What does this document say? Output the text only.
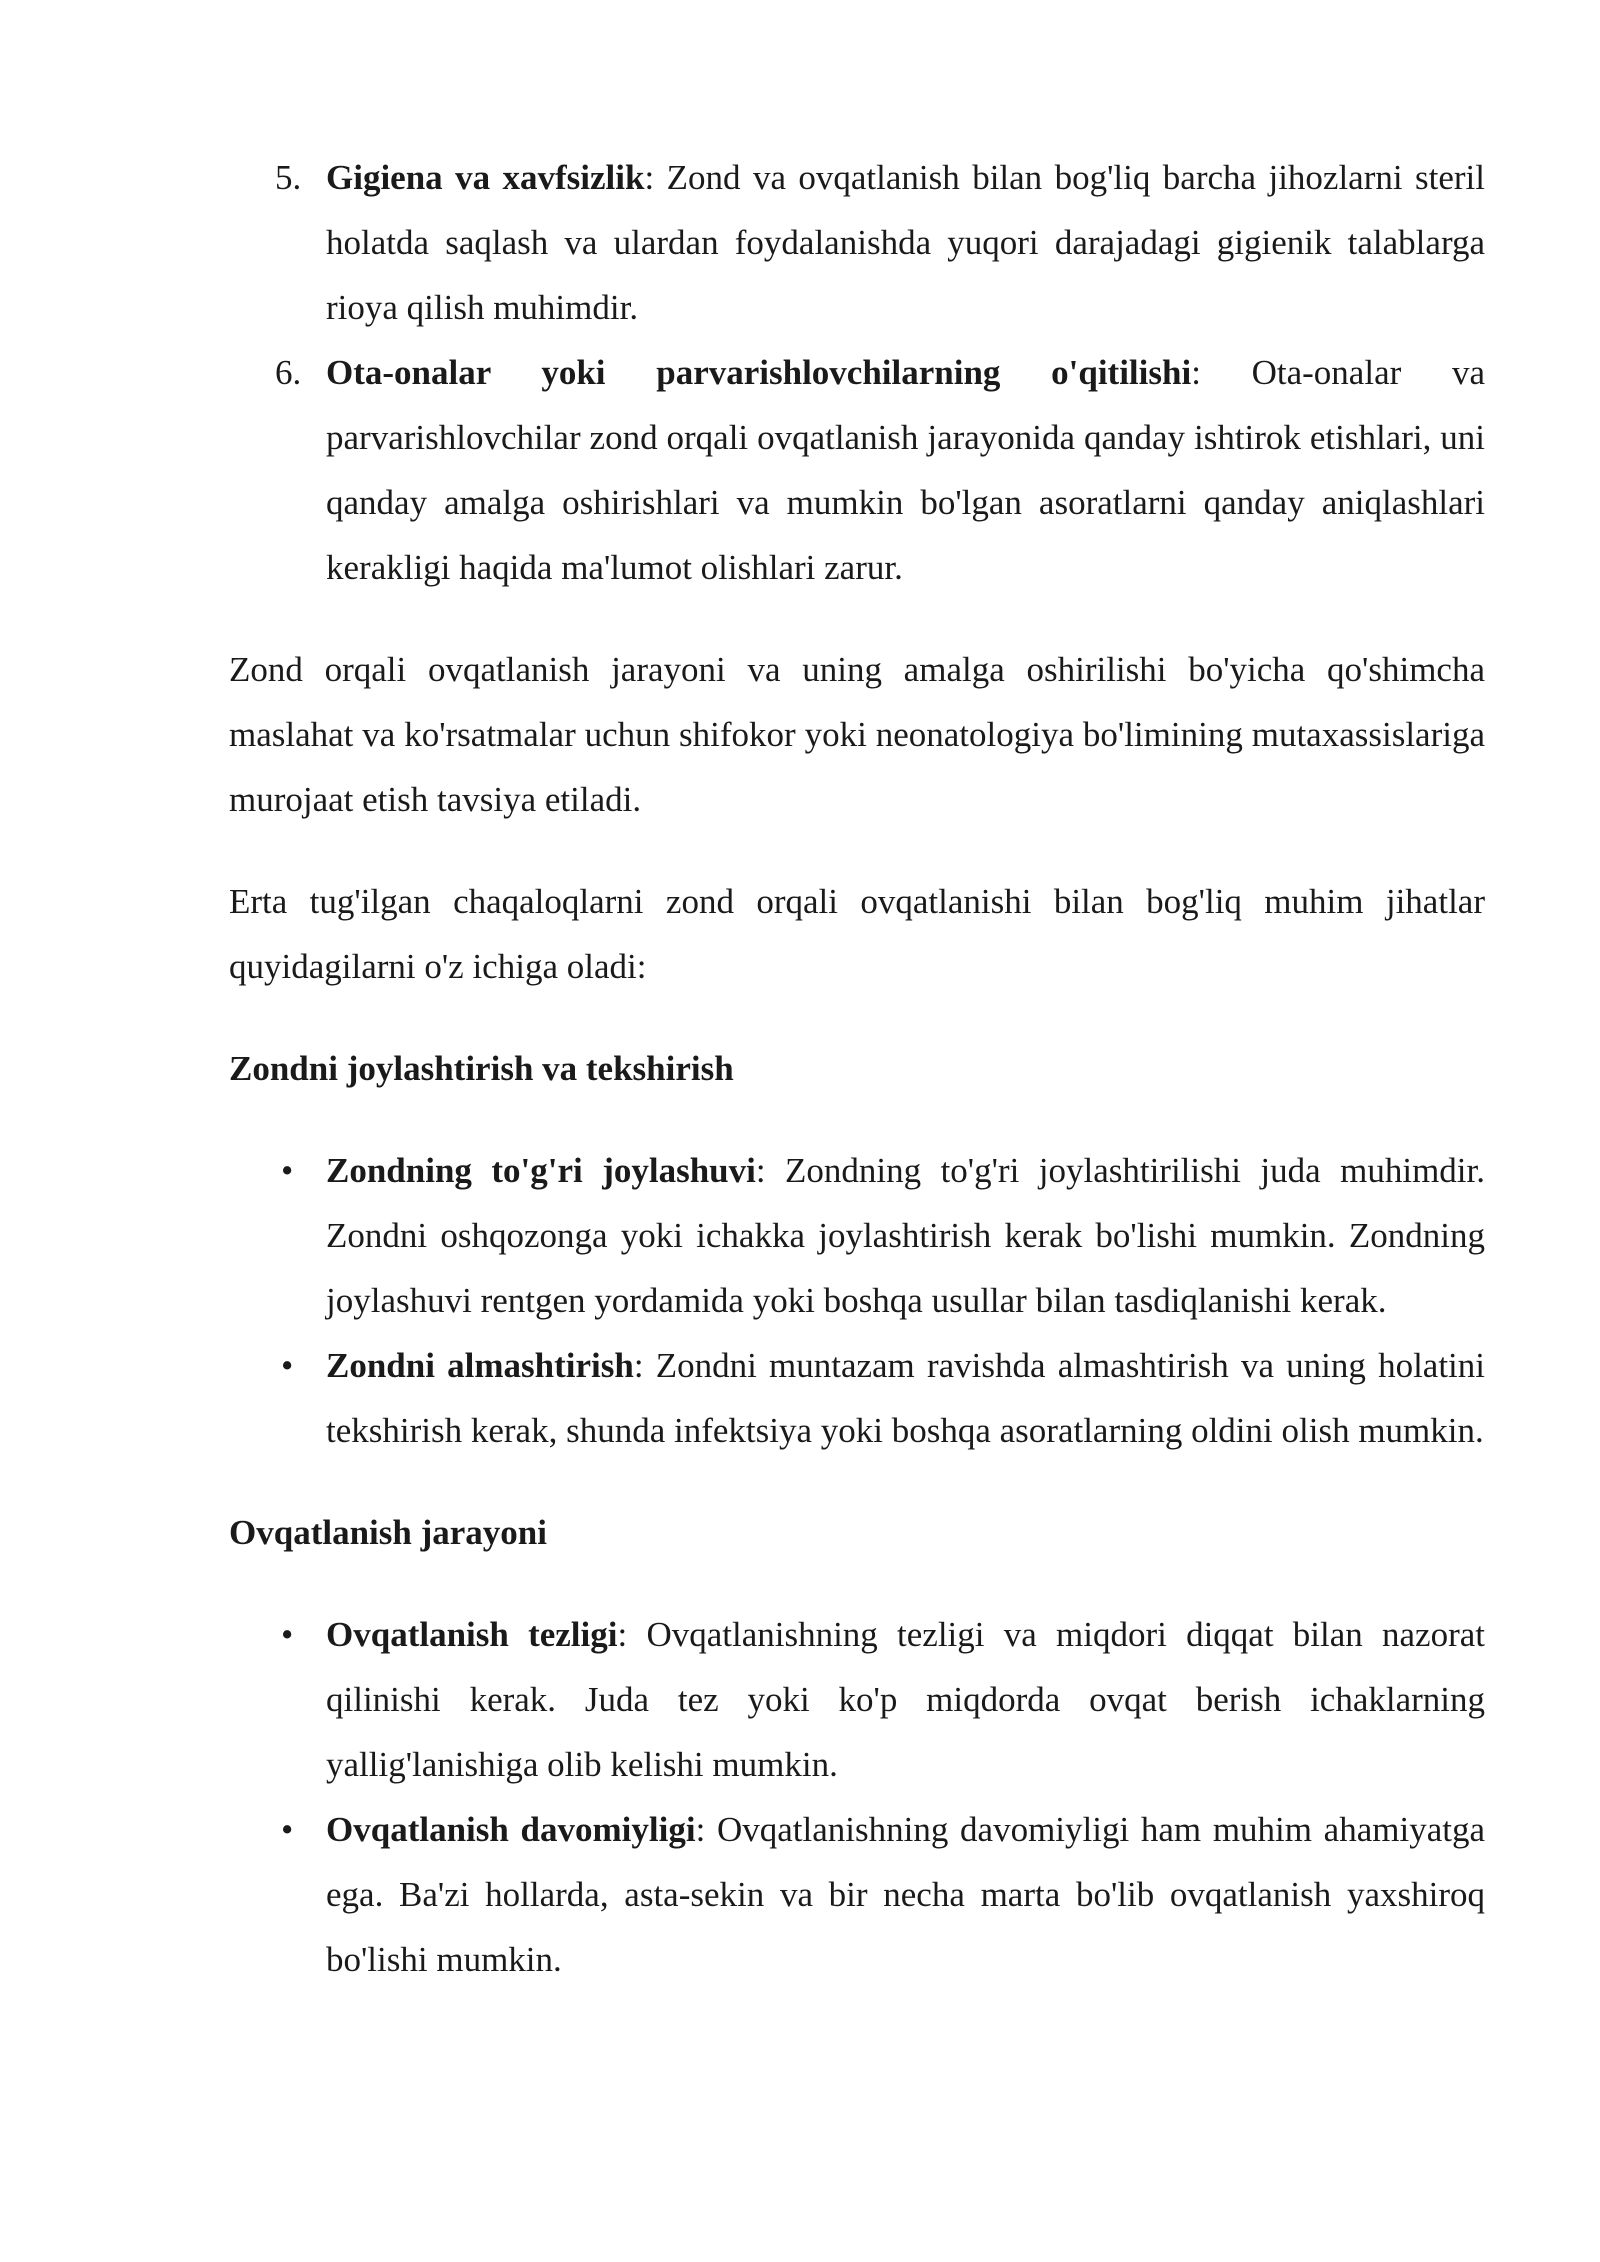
5. Gigiena va xavfsizlik: Zond va ovqatlanish bilan bog'liq barcha jihozlarni steril holatda saqlash va ulardan foydalanishda yuqori darajadagi gigienik talablarga rioya qilish muhimdir.
6. Ota-onalar yoki parvarishlovchilarning o'qitilishi: Ota-onalar va parvarishlovchilar zond orqali ovqatlanish jarayonida qanday ishtirok etishlari, uni qanday amalga oshirishlari va mumkin bo'lgan asoratlarni qanday aniqlashlari kerakligi haqida ma'lumot olishlari zarur.

Zond orqali ovqatlanish jarayoni va uning amalga oshirilishi bo'yicha qo'shimcha maslahat va ko'rsatmalar uchun shifokor yoki neonatologiya bo'limining mutaxassislariga murojaat etish tavsiya etiladi.

Erta tug'ilgan chaqaloqlarni zond orqali ovqatlanishi bilan bog'liq muhim jihatlar quyidagilarni o'z ichiga oladi:

Zondni joylashtirish va tekshirish
• Zondning to'g'ri joylashuvi: Zondning to'g'ri joylashtirilishi juda muhimdir. Zondni oshqozonga yoki ichakka joylashtirish kerak bo'lishi mumkin. Zondning joylashuvi rentgen yordamida yoki boshqa usullar bilan tasdiqlanishi kerak.
• Zondni almashtirish: Zondni muntazam ravishda almashtirish va uning holatini tekshirish kerak, shunda infektsiya yoki boshqa asoratlarning oldini olish mumkin.
Ovqatlanish jarayoni
• Ovqatlanish tezligi: Ovqatlanishning tezligi va miqdori diqqat bilan nazorat qilinishi kerak. Juda tez yoki ko'p miqdorda ovqat berish ichaklarning yallig'lanishiga olib kelishi mumkin.
• Ovqatlanish davomiyligi: Ovqatlanishning davomiyligi ham muhim ahamiyatga ega. Ba'zi hollarda, asta-sekin va bir necha marta bo'lib ovqatlanish yaxshiroq bo'lishi mumkin.
